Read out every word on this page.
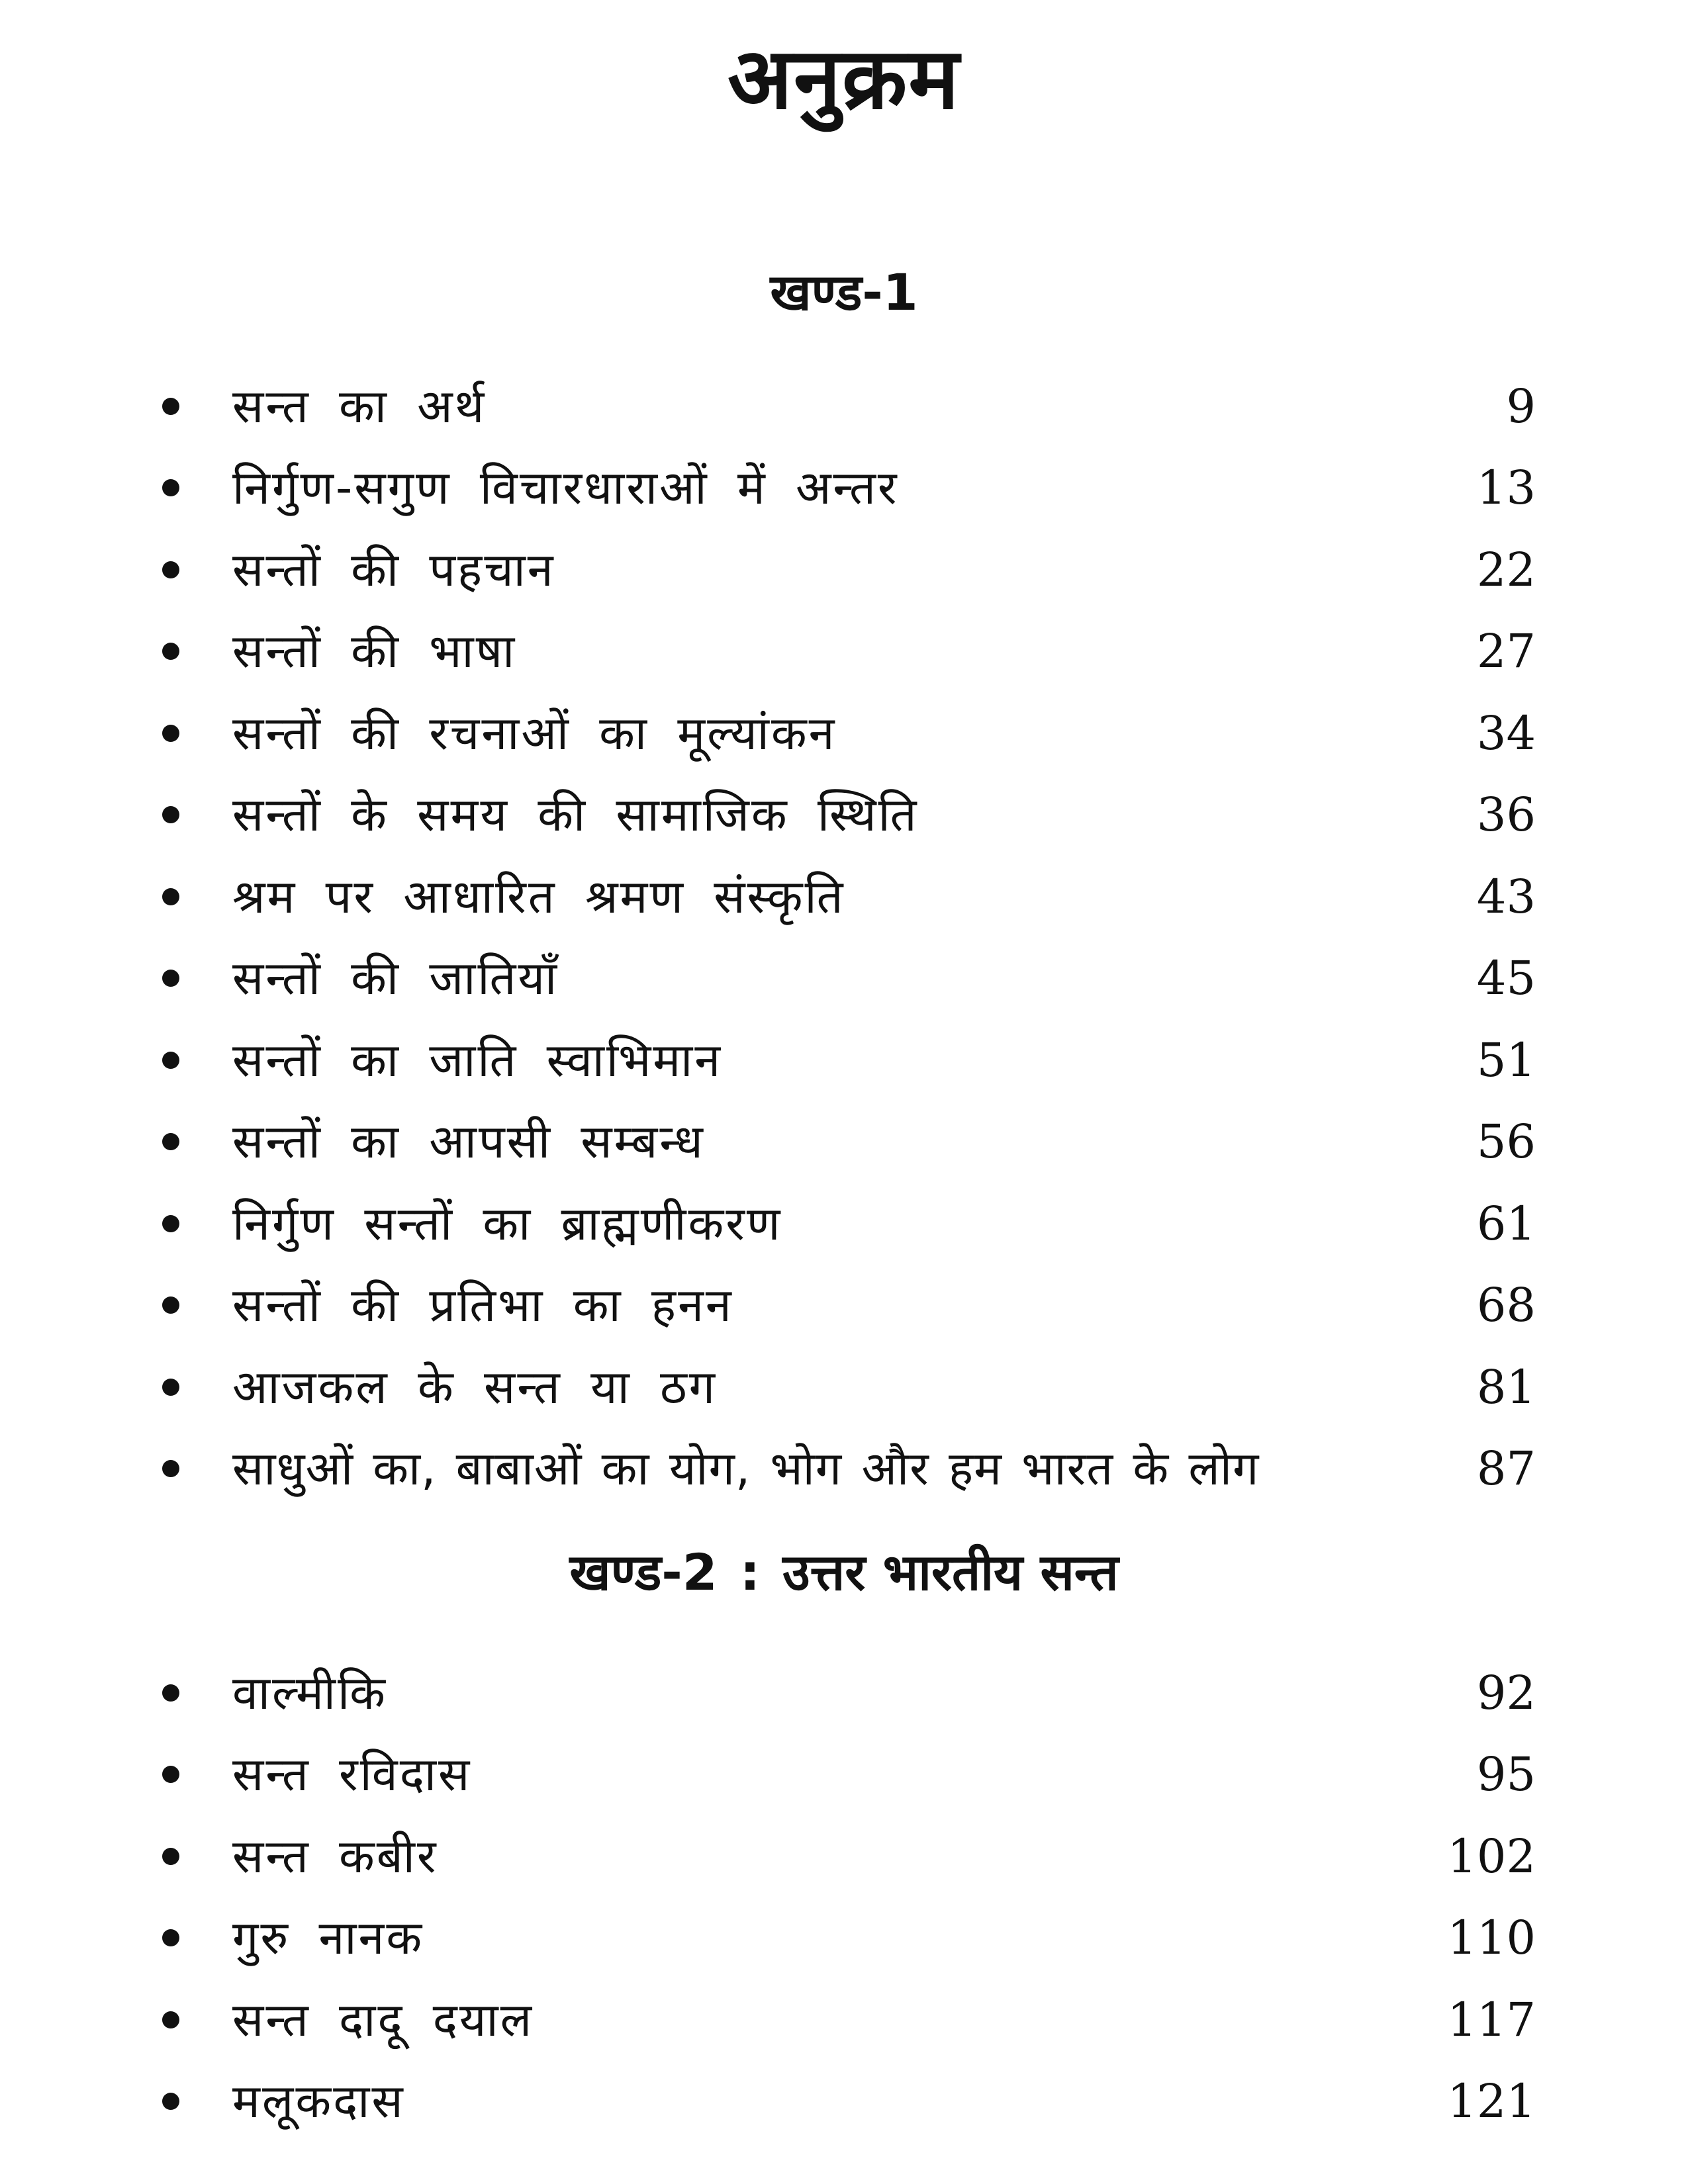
अनुक्रम
खण्ड-1
सन्त का अर्थ	9
निर्गुण-सगुण विचारधाराओं में अन्तर	13
सन्तों की पहचान	22
सन्तों की भाषा	27
सन्तों की रचनाओं का मूल्यांकन	34
सन्तों के समय की सामाजिक स्थिति	36
श्रम पर आधारित श्रमण संस्कृति	43
सन्तों की जातियाँ	45
सन्तों का जाति स्वाभिमान	51
सन्तों का आपसी सम्बन्ध	56
निर्गुण सन्तों का ब्राह्मणीकरण	61
सन्तों की प्रतिभा का हनन	68
आजकल के सन्त या ठग	81
साधुओं का, बाबाओं का योग, भोग और हम भारत के लोग	87
खण्ड-2 : उत्तर भारतीय सन्त
वाल्मीकि	92
सन्त रविदास	95
सन्त कबीर	102
गुरु नानक	110
सन्त दादू दयाल	117
मलूकदास	121
